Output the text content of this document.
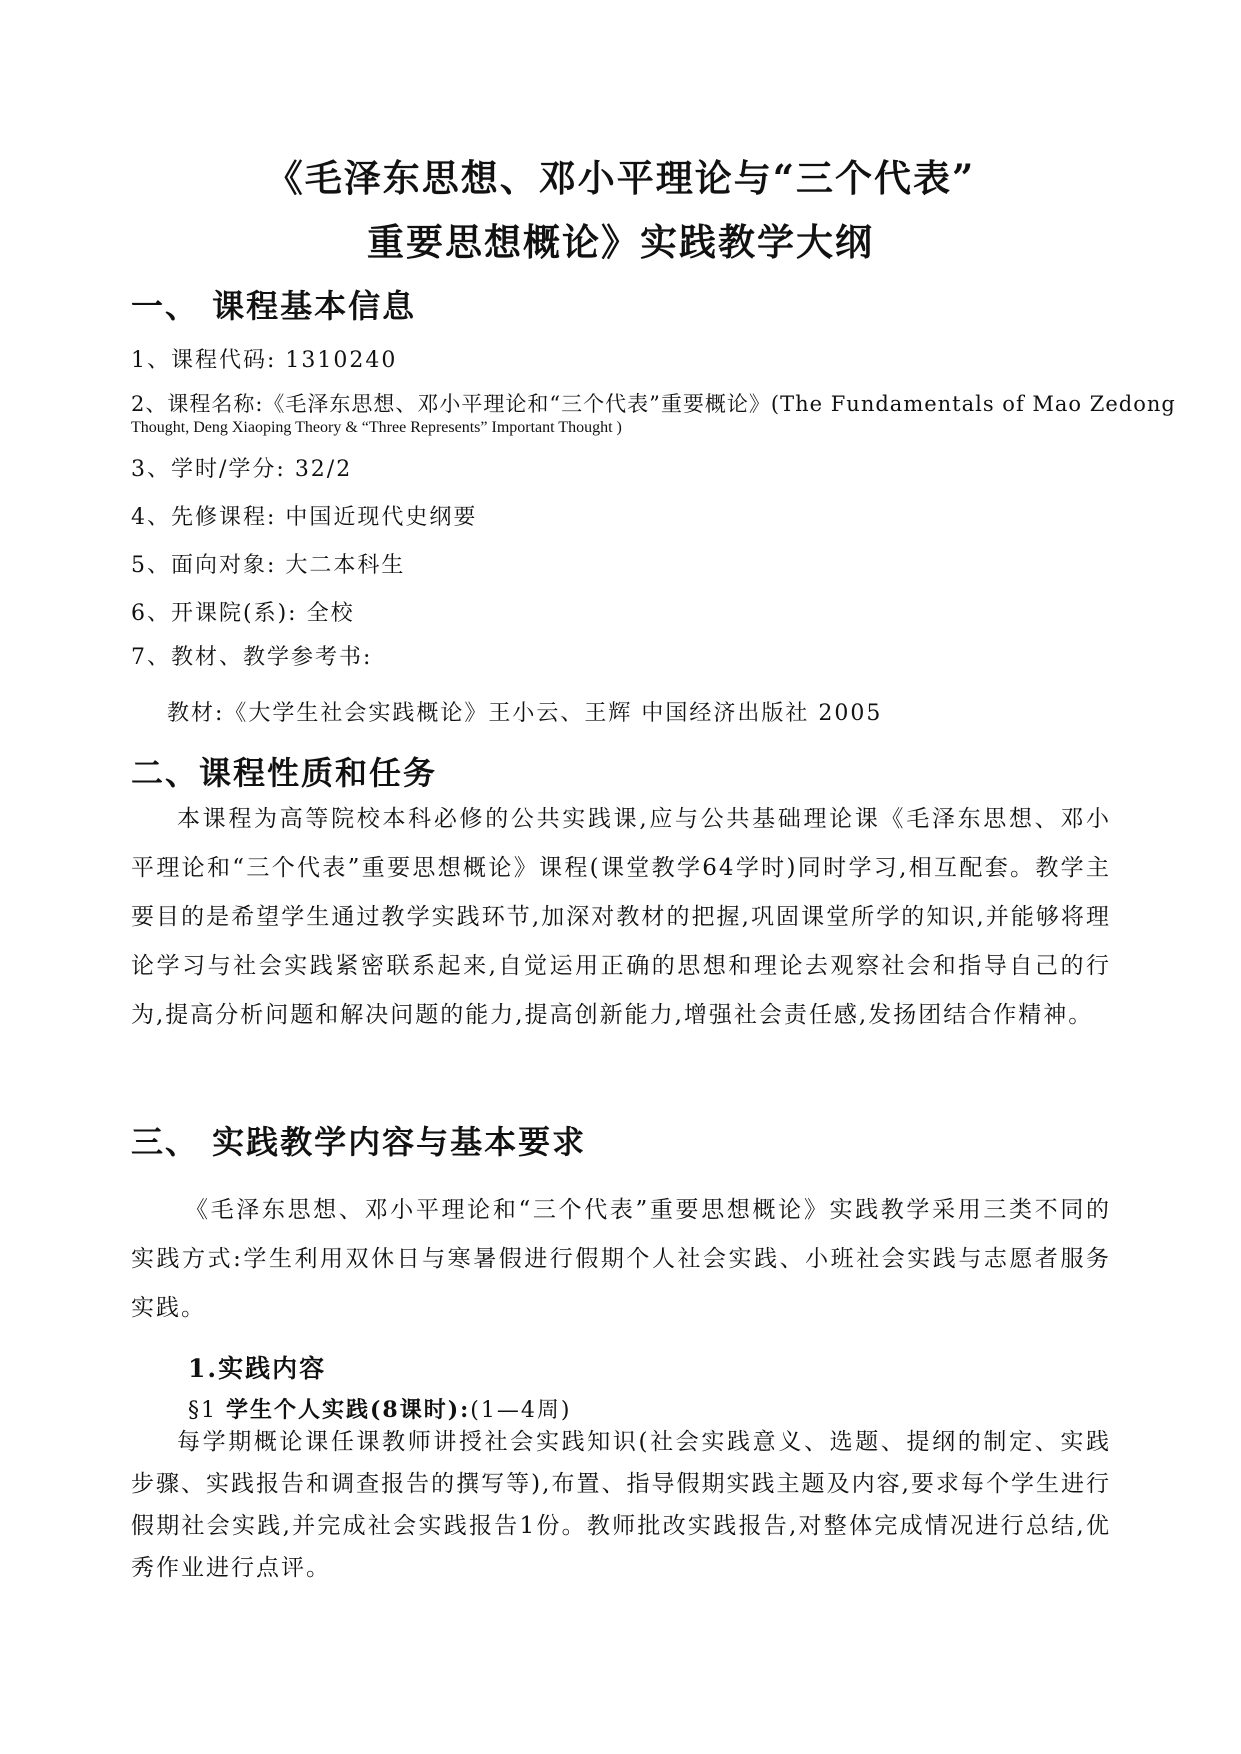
《毛泽东思想、邓小平理论与“三个代表”
重要思想概论》实践教学大纲
一、 课程基本信息
1、课程代码: 1310240
2、课程名称:《毛泽东思想、邓小平理论和“三个代表”重要概论》(The Fundamentals of Mao Zedong
Thought, Deng Xiaoping Theory & “Three Represents” Important Thought )
3、学时/学分: 32/2
4、先修课程: 中国近现代史纲要
5、面向对象: 大二本科生
6、开课院(系): 全校
7、教材、教学参考书:
教材:《大学生社会实践概论》王小云、王辉 中国经济出版社 2005
二、课程性质和任务
本课程为高等院校本科必修的公共实践课,应与公共基础理论课《毛泽东思想、邓小平理论和“三个代表”重要思想概论》课程(课堂教学64学时)同时学习,相互配套。教学主要目的是希望学生通过教学实践环节,加深对教材的把握,巩固课堂所学的知识,并能够将理论学习与社会实践紧密联系起来,自觉运用正确的思想和理论去观察社会和指导自己的行为,提高分析问题和解决问题的能力,提高创新能力,增强社会责任感,发扬团结合作精神。
三、 实践教学内容与基本要求
《毛泽东思想、邓小平理论和“三个代表”重要思想概论》实践教学采用三类不同的实践方式:学生利用双休日与寒暑假进行假期个人社会实践、小班社会实践与志愿者服务实践。
1.实践内容
§1 学生个人实践(8课时):(1—4周)
每学期概论课任课教师讲授社会实践知识(社会实践意义、选题、提纲的制定、实践步骤、实践报告和调查报告的撰写等),布置、指导假期实践主题及内容,要求每个学生进行假期社会实践,并完成社会实践报告1份。教师批改实践报告,对整体完成情况进行总结,优秀作业进行点评。
